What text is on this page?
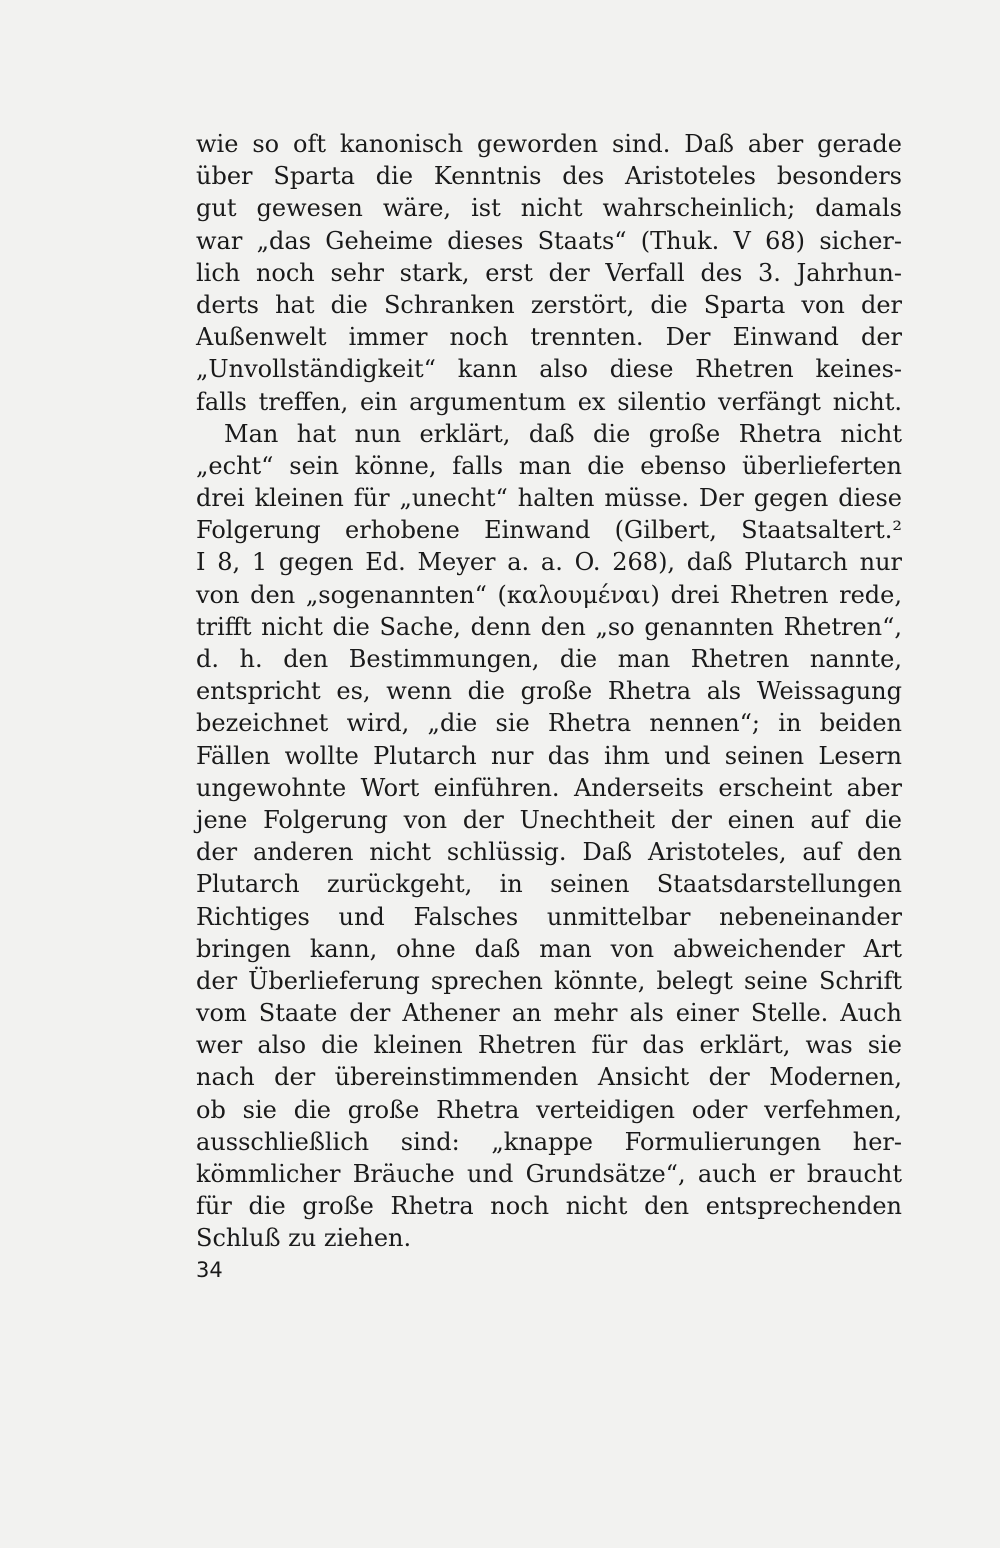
wie so oft kanonisch geworden sind. Daß aber gerade
über Sparta die Kenntnis des Aristoteles besonders
gut gewesen wäre, ist nicht wahrscheinlich; damals
war „das Geheime dieses Staats“ (Thuk. V 68) sicher-
lich noch sehr stark, erst der Verfall des 3. Jahrhun-
derts hat die Schranken zerstört, die Sparta von der
Außenwelt immer noch trennten. Der Einwand der
„Unvollständigkeit“ kann also diese Rhetren keines-
falls treffen, ein argumentum ex silentio verfängt nicht.
Man hat nun erklärt, daß die große Rhetra nicht
„echt“ sein könne, falls man die ebenso überlieferten
drei kleinen für „unecht“ halten müsse. Der gegen diese
Folgerung erhobene Einwand (Gilbert, Staatsaltert.²
I 8, 1 gegen Ed. Meyer a. a. O. 268), daß Plutarch nur
von den „sogenannten“ (καλουμέναι) drei Rhetren rede,
trifft nicht die Sache, denn den „so genannten Rhetren“,
d. h. den Bestimmungen, die man Rhetren nannte,
entspricht es, wenn die große Rhetra als Weissagung
bezeichnet wird, „die sie Rhetra nennen“; in beiden
Fällen wollte Plutarch nur das ihm und seinen Lesern
ungewohnte Wort einführen. Anderseits erscheint aber
jene Folgerung von der Unechtheit der einen auf die
der anderen nicht schlüssig. Daß Aristoteles, auf den
Plutarch zurückgeht, in seinen Staatsdarstellungen
Richtiges und Falsches unmittelbar nebeneinander
bringen kann, ohne daß man von abweichender Art
der Überlieferung sprechen könnte, belegt seine Schrift
vom Staate der Athener an mehr als einer Stelle. Auch
wer also die kleinen Rhetren für das erklärt, was sie
nach der übereinstimmenden Ansicht der Modernen,
ob sie die große Rhetra verteidigen oder verfehmen,
ausschließlich sind: „knappe Formulierungen her-
kömmlicher Bräuche und Grundsätze“, auch er braucht
für die große Rhetra noch nicht den entsprechenden
Schluß zu ziehen.
34
